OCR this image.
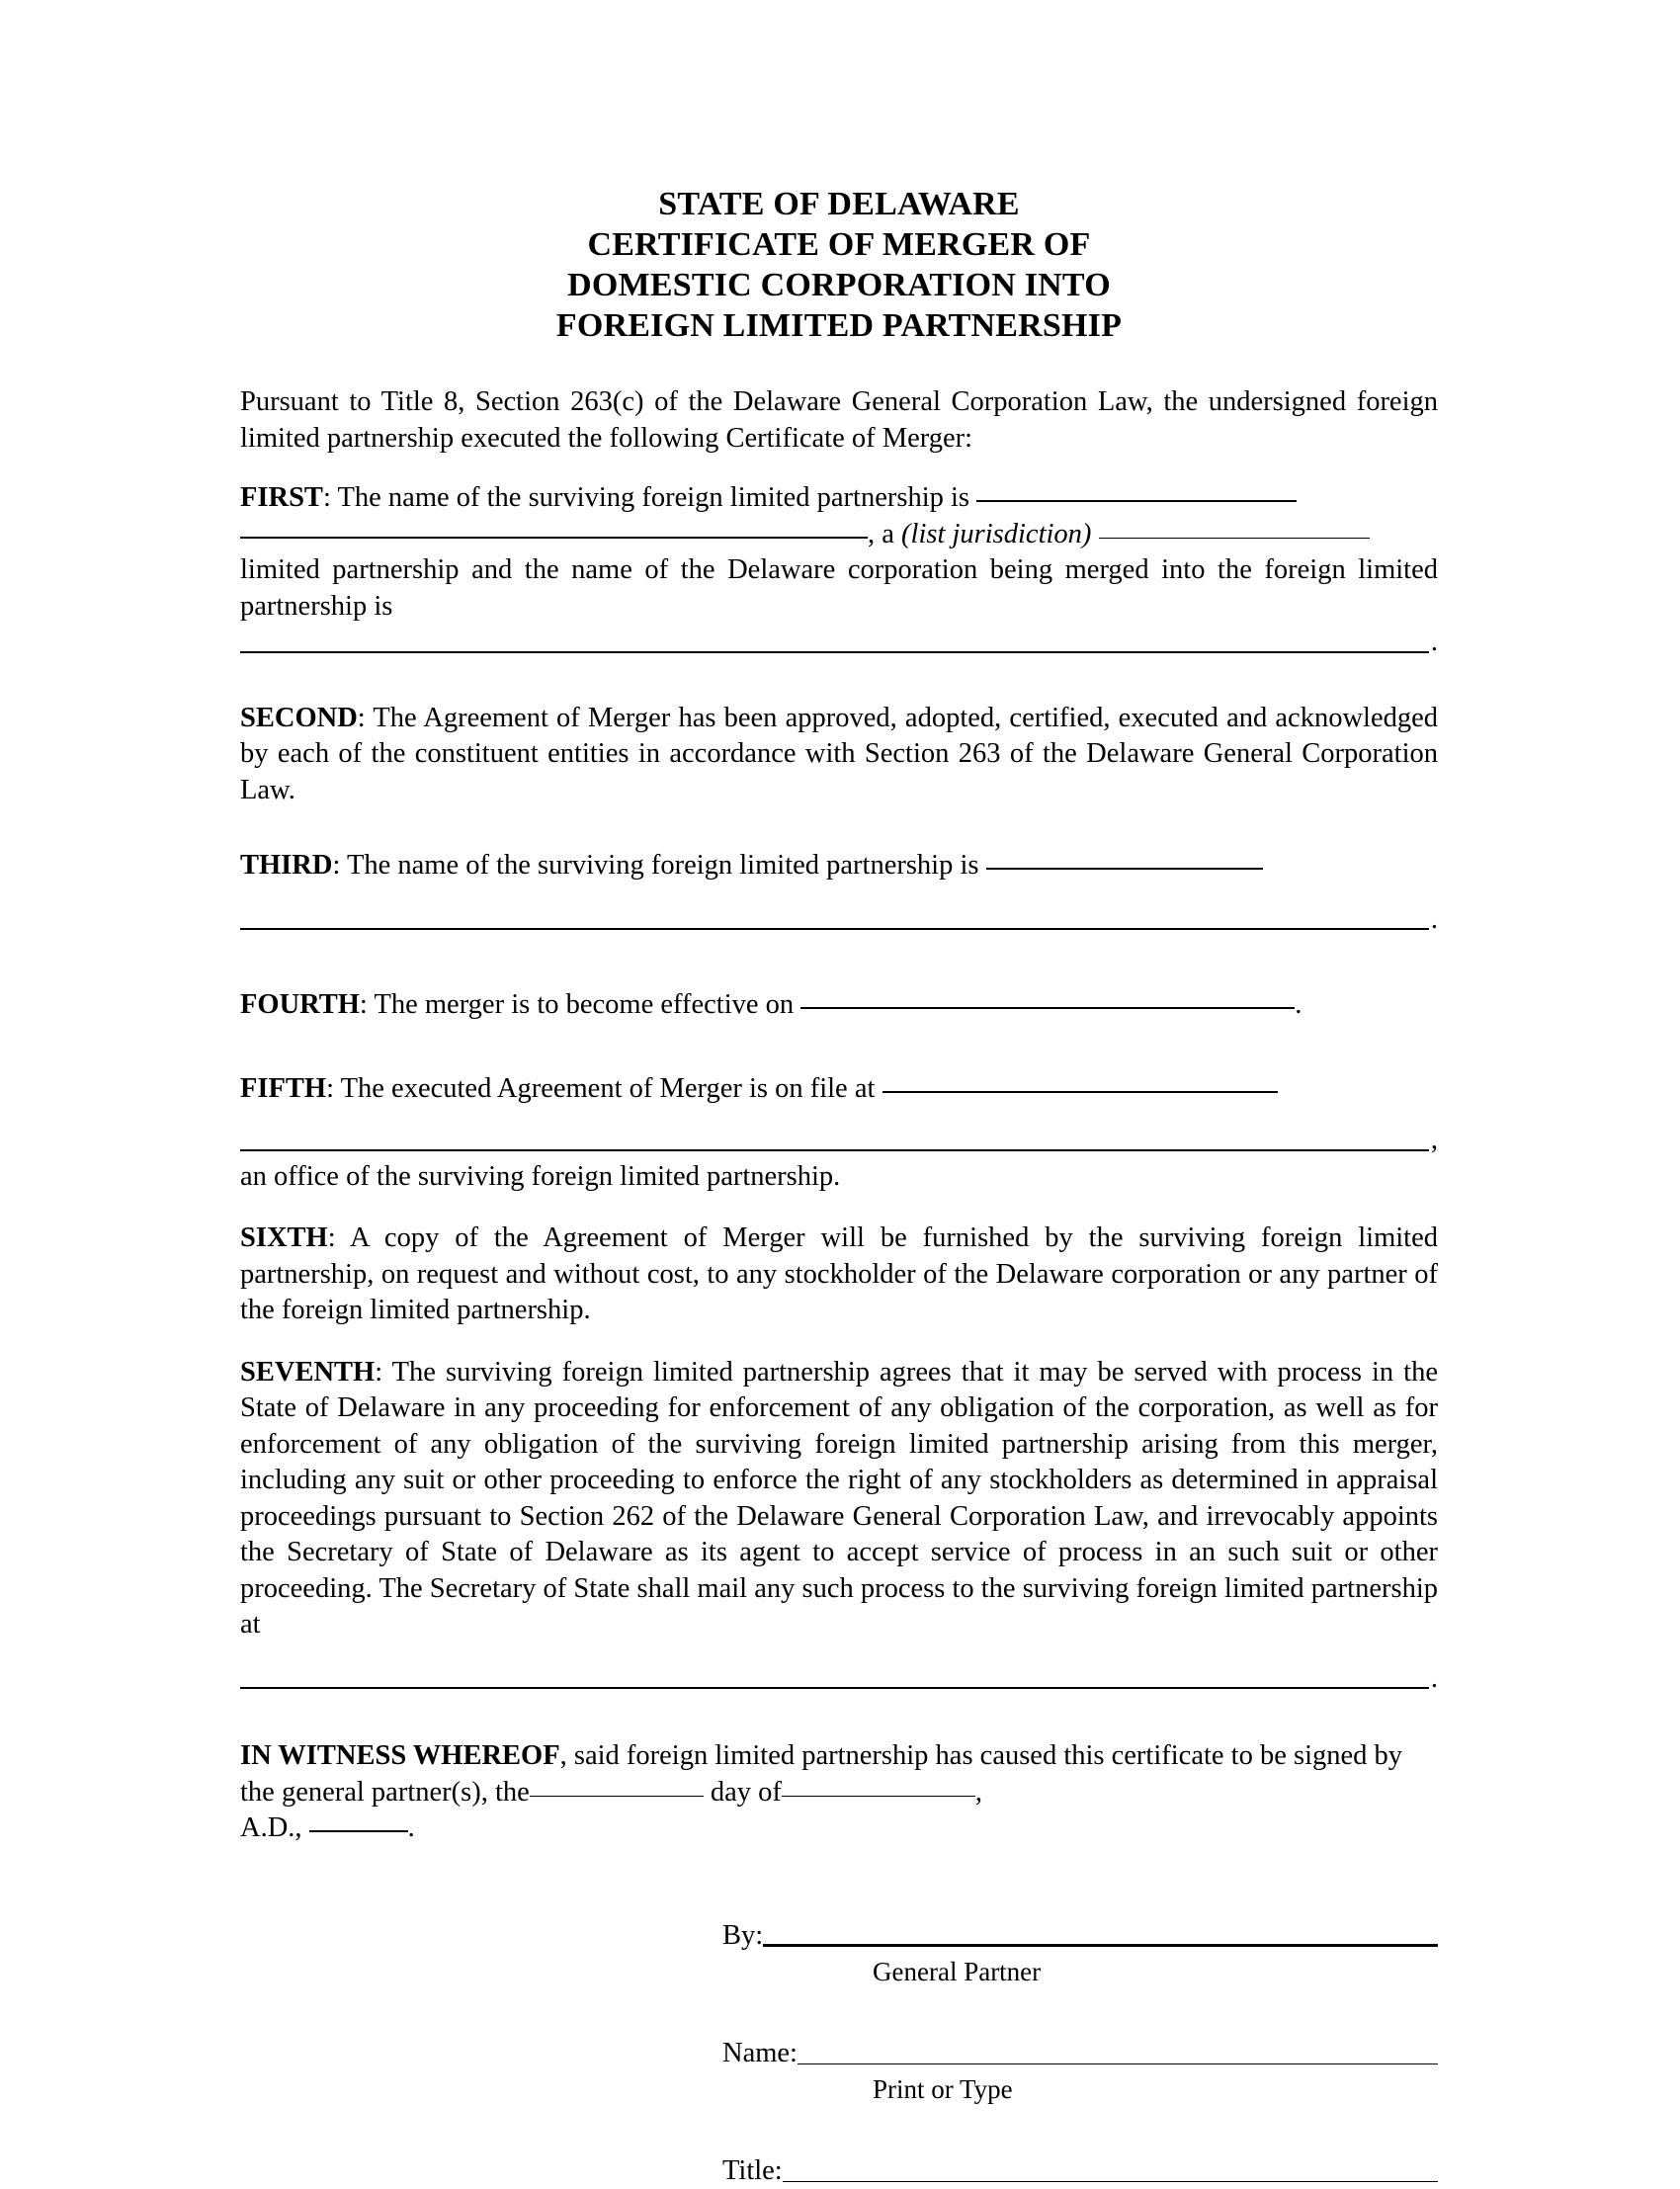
STATE OF DELAWARE
CERTIFICATE OF MERGER OF
DOMESTIC CORPORATION INTO
FOREIGN LIMITED PARTNERSHIP

Pursuant to Title 8, Section 263(c) of the Delaware General Corporation Law, the undersigned foreign limited partnership executed the following Certificate of Merger:

FIRST: The name of the surviving foreign limited partnership is

, a (list jurisdiction)

limited partnership and the name of the Delaware corporation being merged into the foreign limited partnership is

.

SECOND: The Agreement of Merger has been approved, adopted, certified, executed and acknowledged by each of the constituent entities in accordance with Section 263 of the Delaware General Corporation Law.

THIRD: The name of the surviving foreign limited partnership is

.

FOURTH: The merger is to become effective on	.

FIFTH: The executed Agreement of Merger is on file at

,

an office of the surviving foreign limited partnership.

SIXTH: A copy of the Agreement of Merger will be furnished by the surviving foreign limited partnership, on request and without cost, to any stockholder of the Delaware corporation or any partner of the foreign limited partnership.

SEVENTH: The surviving foreign limited partnership agrees that it may be served with process in the State of Delaware in any proceeding for enforcement of any obligation of the corporation, as well as for enforcement of any obligation of the surviving foreign limited partnership arising from this merger, including any suit or other proceeding to enforce the right of any stockholders as determined in appraisal proceedings pursuant to Section 262 of the Delaware General Corporation Law, and irrevocably appoints the Secretary of State of Delaware as its agent to accept service of process in an such suit or other proceeding. The Secretary of State shall mail any such process to the surviving foreign limited partnership at

.

IN WITNESS WHEREOF, said foreign limited partnership has caused this certificate to be signed by the general partner(s), the	day of	,

A.D.,	.

By:
General Partner
Name:
Print or Type
Title:
